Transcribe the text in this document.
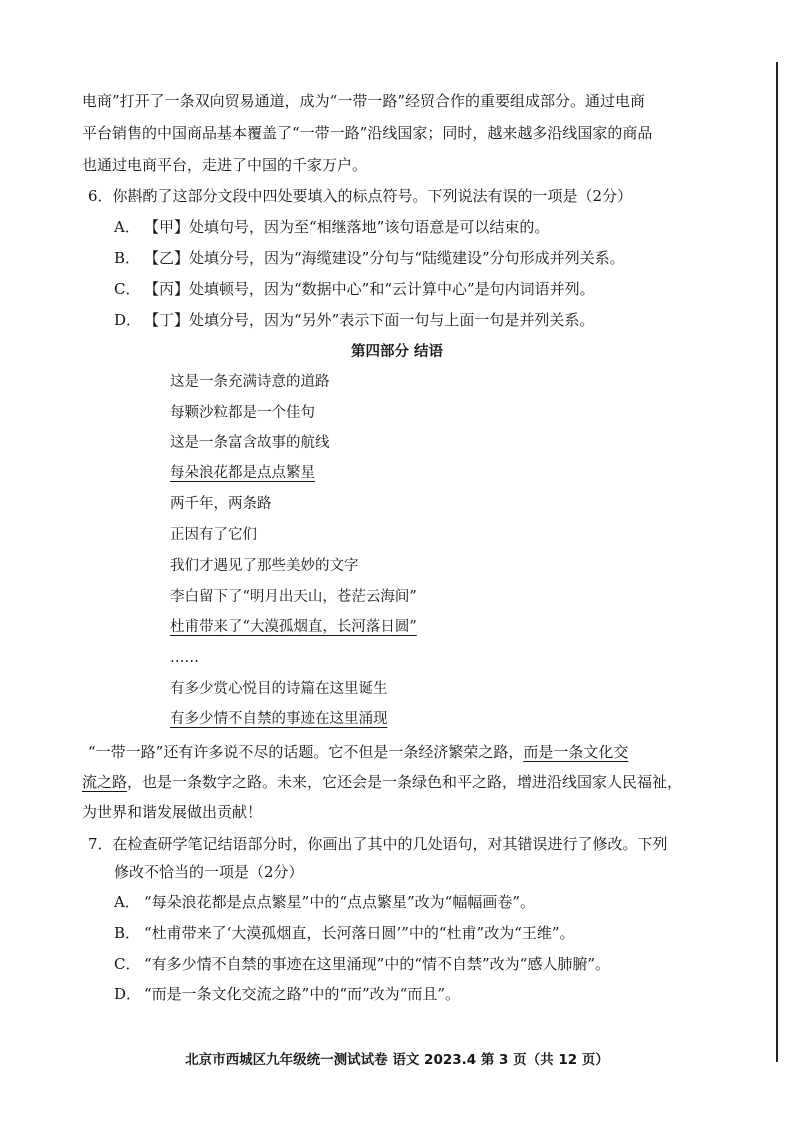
电商”打开了一条双向贸易通道，成为“一带一路”经贸合作的重要组成部分。通过电商
平台销售的中国商品基本覆盖了“一带一路”沿线国家；同时，越来越多沿线国家的商品
也通过电商平台，走进了中国的千家万户。
6．你斟酌了这部分文段中四处要填入的标点符号。下列说法有误的一项是（2分）
A． 【甲】处填句号，因为至“相继落地”该句语意是可以结束的。
B． 【乙】处填分号，因为“海缆建设”分句与“陆缆建设”分句形成并列关系。
C． 【丙】处填顿号，因为“数据中心”和“云计算中心”是句内词语并列。
D． 【丁】处填分号，因为“另外”表示下面一句与上面一句是并列关系。
第四部分 结语
这是一条充满诗意的道路
每颗沙粒都是一个佳句
这是一条富含故事的航线
每朵浪花都是点点繁星
两千年，两条路
正因有了它们
我们才遇见了那些美妙的文字
李白留下了“明月出天山，苍茫云海间”
杜甫带来了“大漠孤烟直，长河落日圆”
……
有多少赏心悦目的诗篇在这里诞生
有多少情不自禁的事迹在这里涌现
“一带一路”还有许多说不尽的话题。它不但是一条经济繁荣之路，而是一条文化交
流之路，也是一条数字之路。未来，它还会是一条绿色和平之路，增进沿线国家人民福祉，
为世界和谐发展做出贡献！
7．在检查研学笔记结语部分时，你画出了其中的几处语句，对其错误进行了修改。下列
修改不恰当的一项是（2分）
A． “每朵浪花都是点点繁星”中的“点点繁星”改为“幅幅画卷”。
B． “杜甫带来了‘大漠孤烟直，长河落日圆’”中的“杜甫”改为“王维”。
C． “有多少情不自禁的事迹在这里涌现”中的“情不自禁”改为“感人肺腑”。
D． “而是一条文化交流之路”中的“而”改为“而且”。
北京市西城区九年级统一测试试卷 语文 2023.4 第 3 页（共 12 页）
